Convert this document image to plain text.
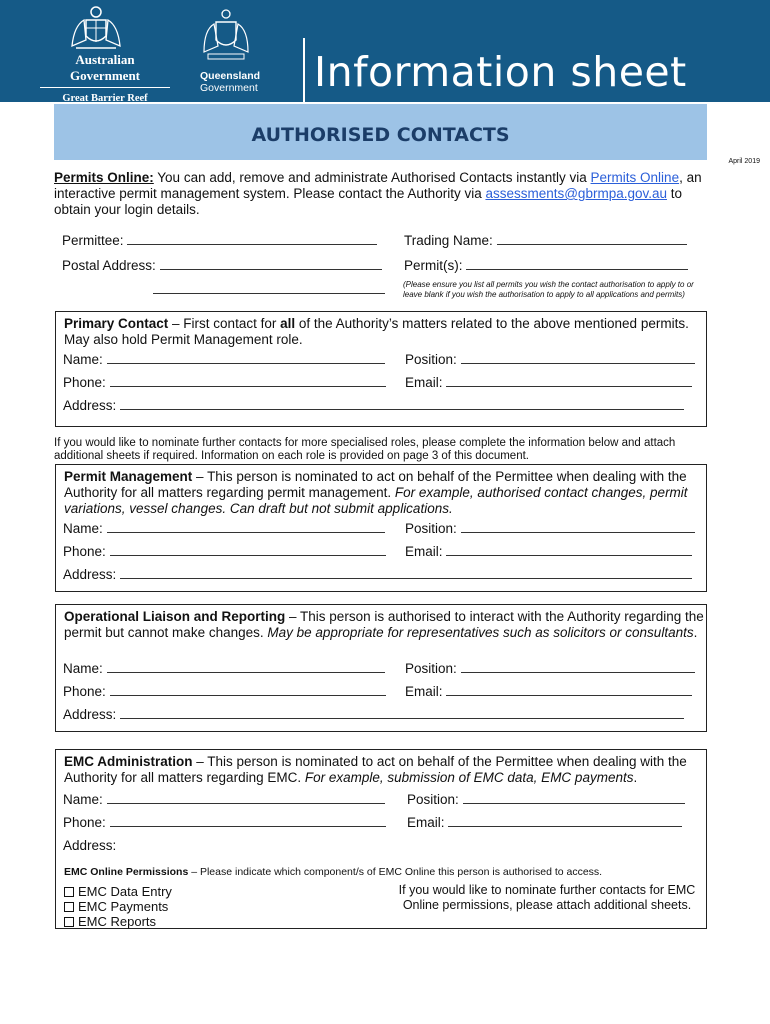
Australian Government
Great Barrier Reef
Queensland
Government Information sheet
AUTHORISED CONTACTS
April 2019
Permits Online: You can add, remove and administrate Authorised Contacts instantly via Permits Online, an interactive permit management system. Please contact the Authority via assessments@gbrmpa.gov.au to obtain your login details.
Permittee:	Trading Name:
Postal Address:	Permit(s):
(Please ensure you list all permits you wish the contact authorisation to apply to or leave blank if you wish the authorisation to apply to all applications and permits)
Primary Contact – First contact for all of the Authority’s matters related to the above mentioned permits. May also hold Permit Management role.
Name:	Position:
Phone:	Email:
Address:
If you would like to nominate further contacts for more specialised roles, please complete the information below and attach additional sheets if required. Information on each role is provided on page 3 of this document.
Permit Management – This person is nominated to act on behalf of the Permittee when dealing with the Authority for all matters regarding permit management. For example, authorised contact changes, permit variations, vessel changes. Can draft but not submit applications.
Name:	Position:
Phone:	Email:
Address:
Operational Liaison and Reporting – This person is authorised to interact with the Authority regarding the permit but cannot make changes. May be appropriate for representatives such as solicitors or consultants.
Name:	Position:
Phone:	Email:
Address:
EMC Administration – This person is nominated to act on behalf of the Permittee when dealing with the Authority for all matters regarding EMC. For example, submission of EMC data, EMC payments.
Name:	Position:
Phone:	Email:
Address:
EMC Online Permissions – Please indicate which component/s of EMC Online this person is authorised to access.
EMC Data Entry
EMC Payments
EMC Reports
If you would like to nominate further contacts for EMC Online permissions, please attach additional sheets.
